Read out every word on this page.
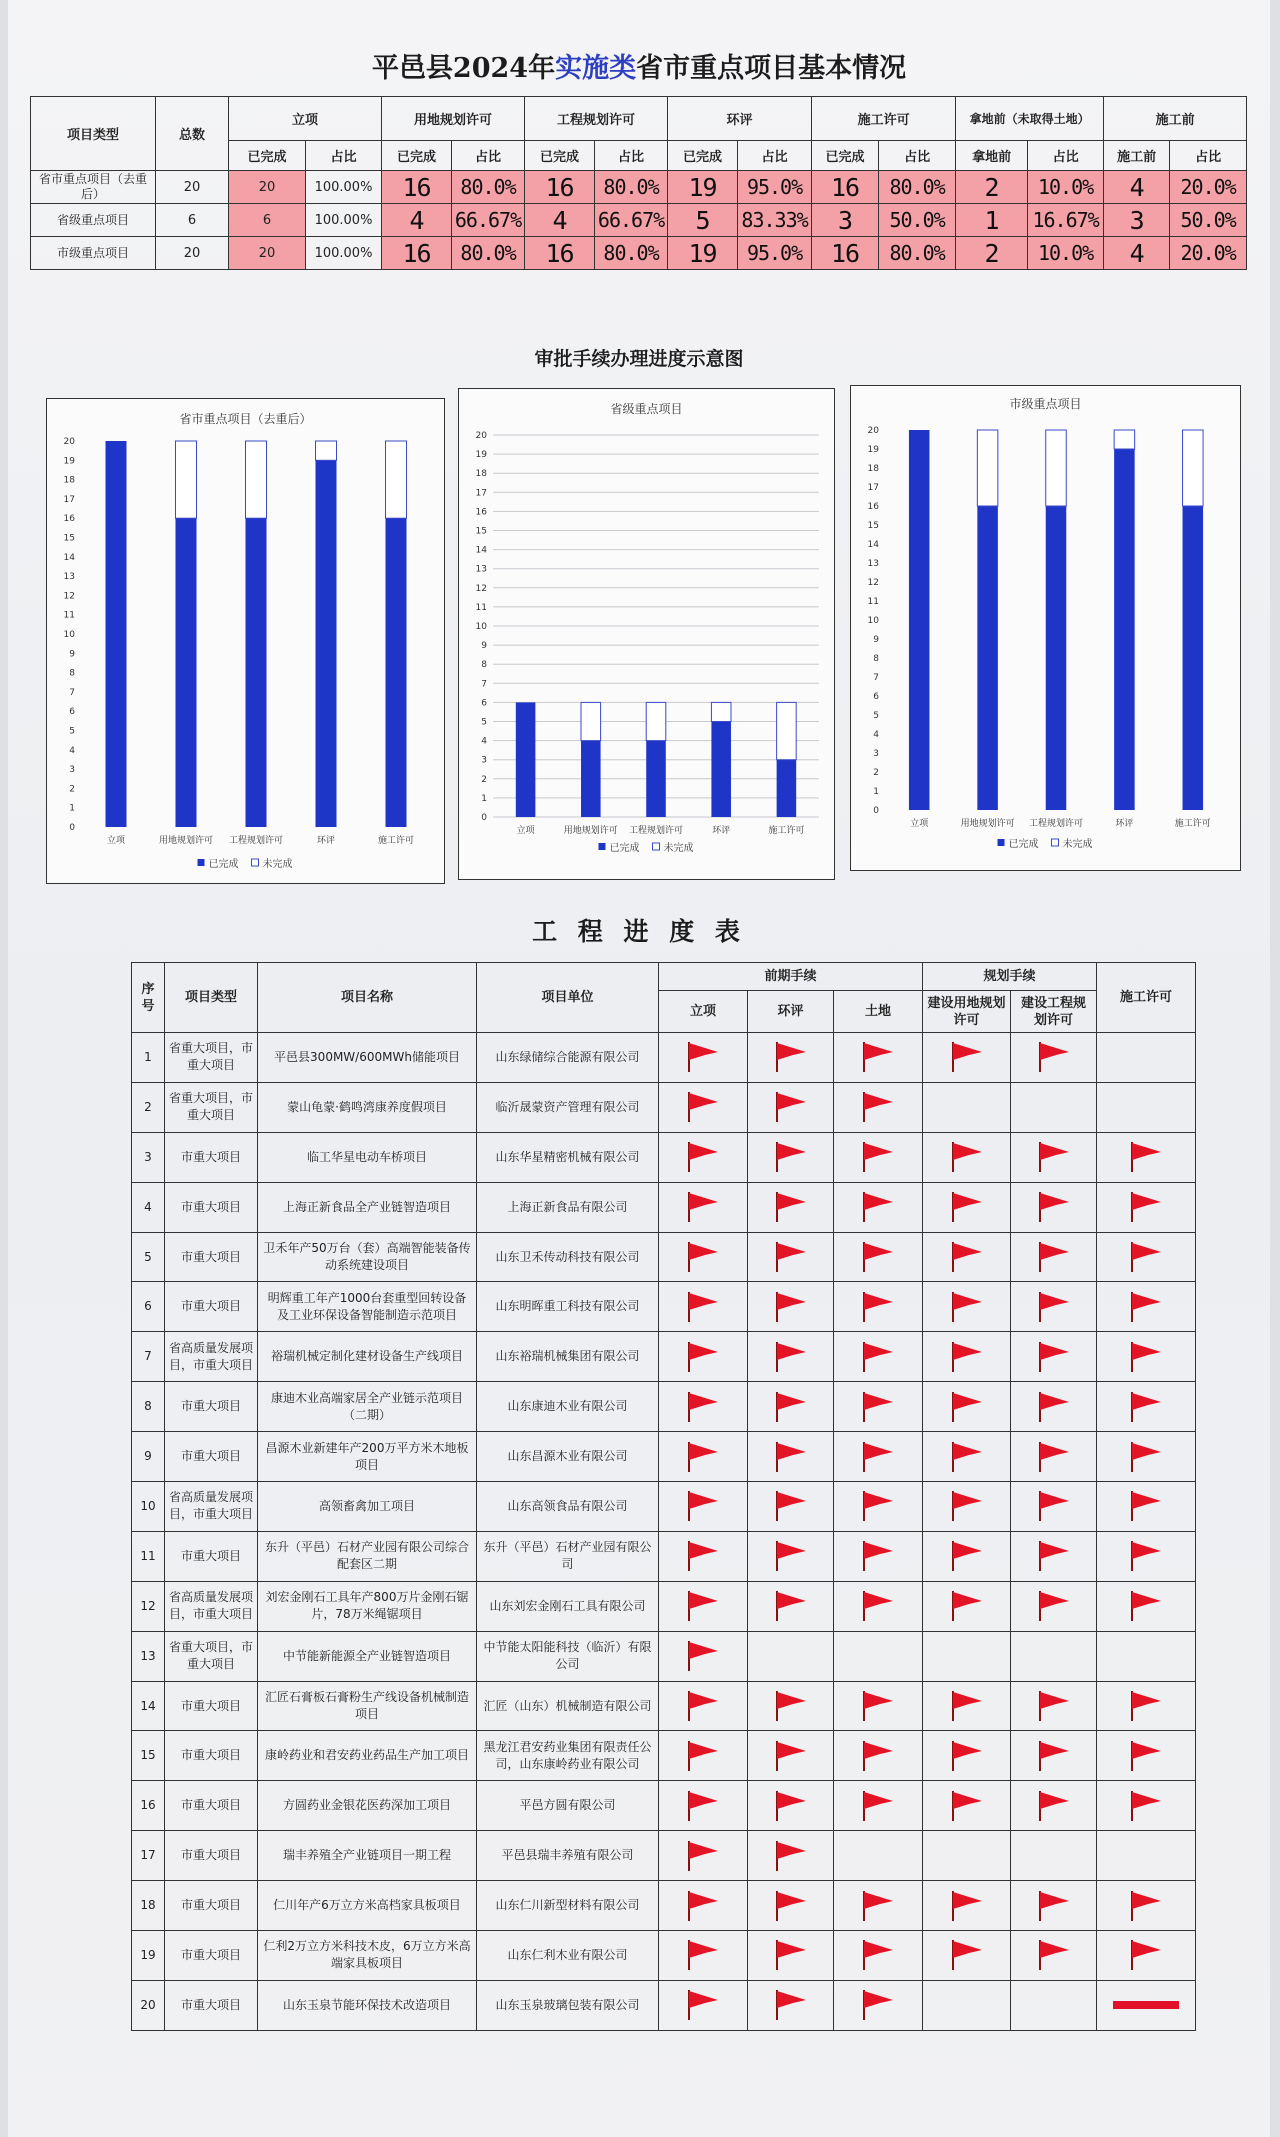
平邑县2024年实施类省市重点项目基本情况
项目类型	总数	立项		用地规划许可		工程规划许可		环评		施工许可		拿地前（未取得土地）		施工前	
		已完成	占比	已完成	占比	已完成	占比	已完成	占比	已完成	占比	拿地前	占比	施工前	占比
省市重点项目（去重后）	20	20	100.00%	16	80.0%	16	80.0%	19	95.0%	16	80.0%	2	10.0%	4	20.0%
省级重点项目	6	6	100.00%	4	66.67%	4	66.67%	5	83.33%	3	50.0%	1	16.67%	3	50.0%
市级重点项目	20	20	100.00%	16	80.0%	16	80.0%	19	95.0%	16	80.0%	2	10.0%	4	20.0%
审批手续办理进度示意图
省市重点项目（去重后）
0
1
2
3
4
5
6
7
8
9
10
11
12
13
14
15
16
17
18
19
20
立项	用地规划许可 工程规划许可	环评	施工许可
已完成 未完成
省级重点项目
0
1
2
3
4
5
6
7
8
9
10
11
12
13
14
15
16
17
18
19
20
立项	用地规划许可 工程规划许可	环评	施工许可
已完成 未完成
市级重点项目
0
1
2
3
4
5
6
7
8
9
10
11
12
13
14
15
16
17
18
19
20
立项	用地规划许可 工程规划许可	环评	施工许可
已完成 未完成
工 程 进 度 表
序号	项目类型	项目名称	项目单位	前期手续			规划手续		施工许可
				立项	环评	土地	建设用地规划许可	建设工程规划许可	
1	省重大项目，市重大项目	平邑县300MW/600MWh储能项目	山东绿储综合能源有限公司						
2	省重大项目，市重大项目	蒙山龟蒙·鹤鸣湾康养度假项目	临沂晟蒙资产管理有限公司						
3	市重大项目	临工华星电动车桥项目	山东华星精密机械有限公司						
4	市重大项目	上海正新食品全产业链智造项目	上海正新食品有限公司						
5	市重大项目	卫禾年产50万台（套）高端智能装备传动系统建设项目	山东卫禾传动科技有限公司						
6	市重大项目	明辉重工年产1000台套重型回转设备及工业环保设备智能制造示范项目	山东明晖重工科技有限公司						
7	省高质量发展项目，市重大项目	裕瑞机械定制化建材设备生产线项目	山东裕瑞机械集团有限公司						
8	市重大项目	康迪木业高端家居全产业链示范项目（二期）	山东康迪木业有限公司						
9	市重大项目	昌源木业新建年产200万平方米木地板项目	山东昌源木业有限公司						
10	省高质量发展项目，市重大项目	高领畜禽加工项目	山东高领食品有限公司						
11	市重大项目	东升（平邑）石材产业园有限公司综合配套区二期	东升（平邑）石材产业园有限公司						
12	省高质量发展项目，市重大项目	刘宏金刚石工具年产800万片金刚石锯片，78万米绳锯项目	山东刘宏金刚石工具有限公司						
13	省重大项目，市重大项目	中节能新能源全产业链智造项目	中节能太阳能科技（临沂）有限公司						
14	市重大项目	汇匠石膏板石膏粉生产线设备机械制造项目	汇匠（山东）机械制造有限公司						
15	市重大项目	康岭药业和君安药业药品生产加工项目	黑龙江君安药业集团有限责任公司，山东康岭药业有限公司						
16	市重大项目	方圆药业金银花医药深加工项目	平邑方圆有限公司						
17	市重大项目	瑞丰养殖全产业链项目一期工程	平邑县瑞丰养殖有限公司						
18	市重大项目	仁川年产6万立方米高档家具板项目	山东仁川新型材料有限公司						
19	市重大项目	仁利2万立方米科技木皮，6万立方米高端家具板项目	山东仁利木业有限公司						
20	市重大项目	山东玉泉节能环保技术改造项目	山东玉泉玻璃包装有限公司						
